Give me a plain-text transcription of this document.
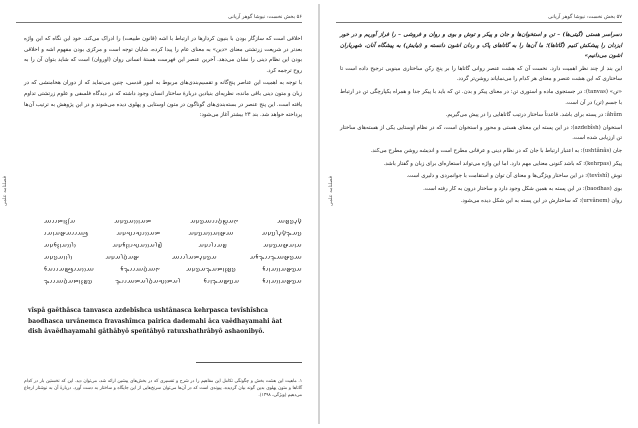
۵۶ بخش نخست: نیوشا گوهر آریانی
فصلنامه علمی

اخلاقی است که سازگار بودن با بنیون کردارها در ارتباط با اشه (قانون طبیعت) را ادراک می‌کند. خود این نگاه که این واژه بعدتر در شریعت زرتشتی معنای «دین» به معنای عام را پیدا کرده، شایان توجه است و مرکزی بودن مفهوم اشه و اخلاقی بودن این نظام دینی را نشان می‌دهد. آخرین عنصر این فهرست هستهٔ انسانی روان (اوروان) است که شاید بتوان آن را به روح ترجمه کرد.

با توجه به اهمیت این عناصر پنج‌گانه و تقسیم‌بندی‌های مربوط به امور قدسی، چنین می‌نماید که از دوران هخامنشی که در زبان و متون دینی باقی مانده، نظریه‌ای بنیادین دربارهٔ ساختار انسان وجود داشته که در دیدگاه فلسفی و علوم زرتشتی تداوم یافته است. این پنج عنصر در بسته‌بندی‌های گوناگون در متون اوستایی و پهلوی دیده می‌شوند و در این پژوهش به ترتیب آن‌ها پرداخته خواهد شد. بند ۲۴ بیشتر آغاز می‌شود:

𐬬𐬍𐬯𐬞𐬁
𐬔𐬀𐬉𐬚𐬌𐬌𐬁𐬯𐬗𐬀
𐬙𐬀𐬥𐬎𐬎𐬀𐬯𐬗𐬀
𐬀𐬰𐬆𐬥𐬙𐬌𐬌𐬁
𐬯𐬀𐬋𐬬𐬍𐬭𐬯𐬗𐬀
𐬁𐬵𐬥𐬀𐬎𐬎𐬀𐬯𐬗𐬀
𐬙𐬀𐬎𐬎𐬌𐬱𐬌𐬱𐬗𐬀
𐬛𐬁𐬌𐬌𐬀𐬵𐬀𐬥𐬀𐬌
𐬀𐬥𐬀𐬵𐬀𐬯𐬗𐬀
𐬞𐬀𐬌𐬭𐬌𐬗𐬀
𐬟𐬭𐬀𐬎𐬎𐬀𐬱𐬌𐬥𐬆𐬨𐬗𐬀
𐬎𐬭𐬎𐬎𐬀𐬥𐬆𐬨𐬗𐬀
𐬁𐬯𐬵𐬁𐬋𐬌𐬌𐬋𐬨𐬀
𐬀𐬯𐬗𐬍𐬙𐬀𐬭𐬌𐬌𐬁
𐬵𐬀𐬚𐬭𐬀𐬗𐬀
𐬎𐬭𐬎𐬎𐬀𐬯𐬗𐬀
𐬀𐬯𐬵𐬀𐬎𐬎𐬀𐬥𐬌𐬨
𐬯𐬞𐬆𐬥𐬙𐬀𐬋𐬀𐬯𐬗𐬀
𐬔𐬁𐬚𐬁𐬌𐬌𐬋𐬨
𐬁𐬎𐬎𐬀𐬌𐬛𐬵𐬀𐬌𐬌𐬀𐬨
𐬀𐬯𐬵𐬀𐬎𐬎𐬀𐬥𐬌𐬨
𐬀𐬯𐬵𐬀𐬋𐬥𐬌𐬨
𐬭𐬀𐬙𐬎𐬱𐬀𐬚𐬭𐬀𐬙𐬁𐬌𐬌𐬋
𐬯𐬞𐬆𐬥𐬙𐬀𐬚𐬁𐬌𐬌𐬋
vîspâ gaêthâsca tanvasca azdebîshca ushtânasca kehrpasca tevîshîshca baodhasca urvânemca fravashîmca pairica dademahi âca vaêdhayamahi âat dish âvaêdhayamahi gâthâbyô speñtâbyô ratuxshathrâbyô ashaonibyô.
۱. ماهیت این هشت بخش و چگونگی تکامل این مفاهیم را در شرح و تفسیری که در بخش‌های پیشین ارائه شد، می‌توان دید. این که نخستین بار در کدام گاتاها و متون پهلوی بدین گونه بیان گردیده، پیوندی است که در آن‌ها می‌توان سرنخ‌هایی از این جایگاه و ساختار به دست آورد. دربارهٔ آن به نوشتار ارجاع می‌دهیم (ویژگی، ۱۳۹۸).
۵۷ بخش نخست: نیوشا گوهر آریانی
فصلنامه علمی

دسراسر هستی (گیتی‌ها) – تن و استخوان‌ها و جان و پیکر و توش و بوی و روان و فروشی – را فراز آوریم و در خور ایزدان را پیشکش کنیم (گاتاها)؛ ما آن‌ها را به گاتاهای پاک و ردان اشون دانسته و (نیایش) به پیشگاه آنان، شهریاران اشون می‌دانیم»

این بند از چند نظر اهمیت دارد. نخست آن که هشت عنصر روانی گاتاها را بر پنج رکن ساختاری مینویی ترجیح داده است تا ساختاری که این هشت عنصر و معنای هر کدام را می‌نمایاند روشن‌تر گردد.

«تن» (tanvas): در جستجوی ماده و استوری تن: در معنای پیکر و بدن. تن که باید با پیکر جدا و همراه یکپارچگی تن در ارتباط با جسم (تن) در آن است.

âhûm: در پسته برای باشد. قاعدتاً ساختار درتیب گاتاهایی را در پیش می‌گیریم.

استخوان (azdebîsh): در این پسته این معنای هستی و محور و استخوان است، که در نظام اوستایی یکی از هسته‌های ساختار تن ارزیابی شده است.

جان (ushtânâs): به اعتبار ارتباط با جان که در نظام دینی و عرفانی مطرح است و اندیشه روشن مطرح می‌کند.

پیکر (kehrpas): که باشد کنونی معنایی مهم دارد. اما این واژه می‌تواند استعاره‌ای برای زبان و گفتار باشد.

توش (tevîshî): در این ساختار ویژگی‌ها و معنای آن توان و استقامت با جوانمردی و دلیری است.

بوی (baodhas): در این پسته به همین شکل وجود دارد و ساختار درون به کار رفته است.

روان (urvânem): که ساختارش در این پسته به این شکل دیده می‌شود.
